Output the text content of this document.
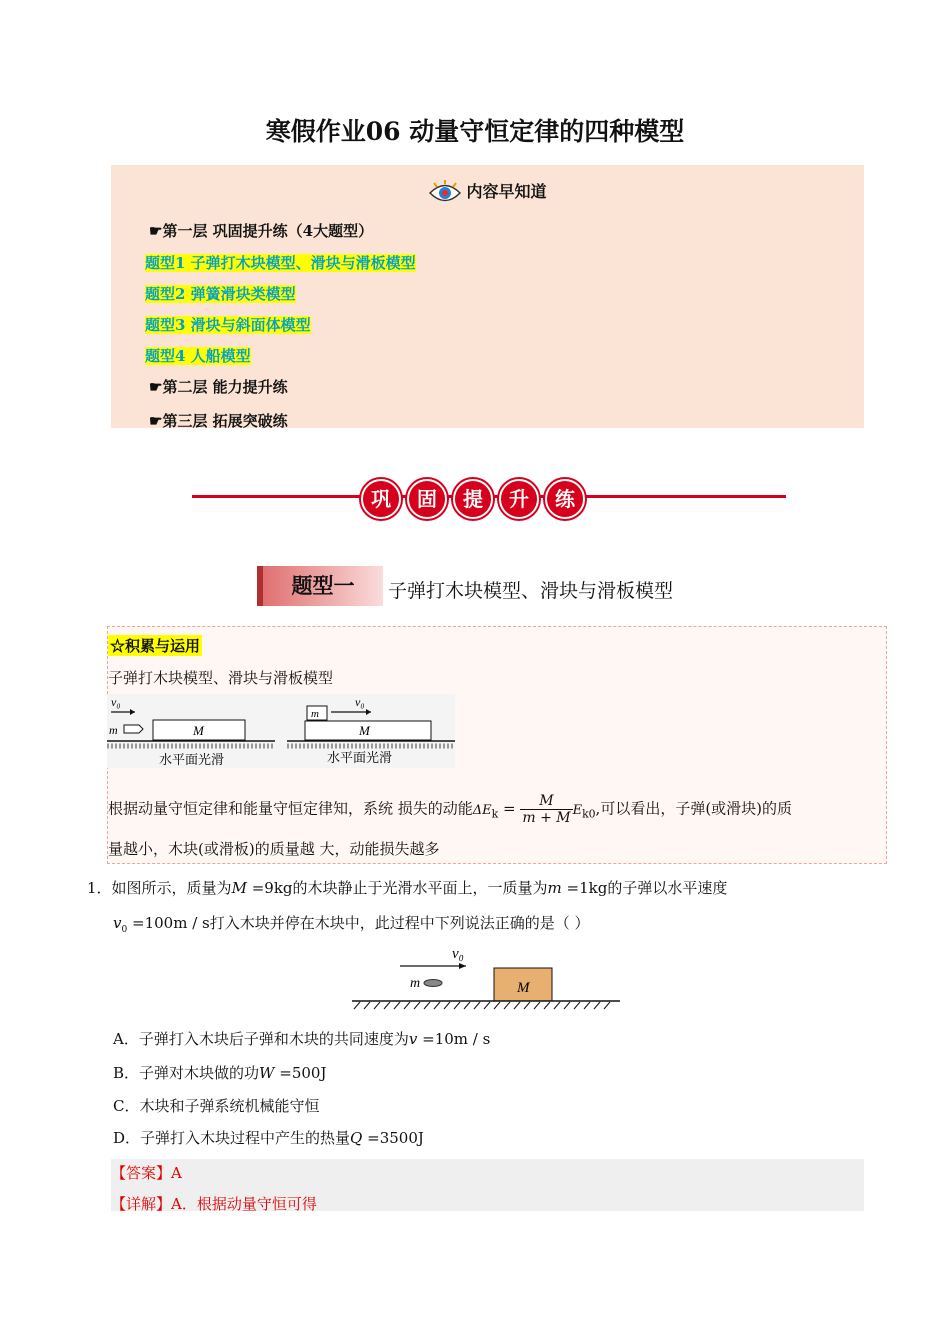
寒假作业06 动量守恒定律的四种模型
内容早知道
☛第一层 巩固提升练（4大题型）
题型1 子弹打木块模型、滑块与滑板模型
题型2 弹簧滑块类模型
题型3 滑块与斜面体模型
题型4 人船模型
☛第二层 能力提升练
☛第三层 拓展突破练
巩 固 提 升 练
题型一	子弹打木块模型、滑块与滑板模型
☆积累与运用
子弹打木块模型、滑块与滑板模型
根据动量守恒定律和能量守恒定律知，系统 损失的动能$\Delta E_k = \frac{M}{m + M} E_{k0}$,可以看出，子弹(或滑块)的质
量越小，木块(或滑板)的质量越 大，动能损失越多
v₀
m	M
水平面光滑
m
v₀
M
水平面光滑
1．如图所示，质量为M =9kg的木块静止于光滑水平面上，一质量为m =1kg的子弹以水平速度
$v_0 =100m / s$打入木块并停在木块中，此过程中下列说法正确的是（ ）
v₀
m	M
A．子弹打入木块后子弹和木块的共同速度为v =10m / s
B．子弹对木块做的功W =500J
C．木块和子弹系统机械能守恒
D．子弹打入木块过程中产生的热量Q =3500J
【答案】A
【详解】A．根据动量守恒可得
